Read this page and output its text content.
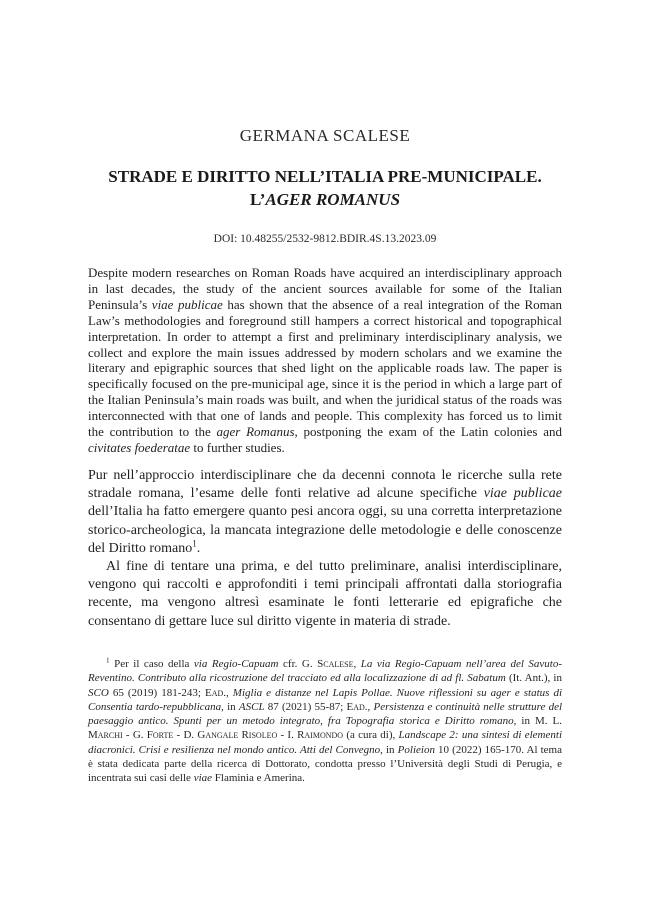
GERMANA SCALESE
STRADE E DIRITTO NELL’ITALIA PRE-MUNICIPALE.
L’AGER ROMANUS
DOI: 10.48255/2532-9812.BDIR.4S.13.2023.09
Despite modern researches on Roman Roads have acquired an interdisciplinary approach in last decades, the study of the ancient sources available for some of the Italian Peninsula’s viae publicae has shown that the absence of a real integration of the Roman Law’s methodologies and foreground still hampers a correct historical and topographical interpretation. In order to attempt a first and preliminary interdisciplinary analysis, we collect and explore the main issues addressed by modern scholars and we examine the literary and epigraphic sources that shed light on the applicable roads law. The paper is specifically focused on the pre-municipal age, since it is the period in which a large part of the Italian Peninsula’s main roads was built, and when the juridical status of the roads was interconnected with that one of lands and people. This complexity has forced us to limit the contribution to the ager Romanus, postponing the exam of the Latin colonies and civitates foederatae to further studies.

Pur nell’approccio interdisciplinare che da decenni connota le ricerche sulla rete stradale romana, l’esame delle fonti relative ad alcune specifiche viae publicae dell’Italia ha fatto emergere quanto pesi ancora oggi, su una corretta interpretazione storico-archeologica, la mancata integrazione delle metodologie e delle conoscenze del Diritto romano$^1$.

Al fine di tentare una prima, e del tutto preliminare, analisi interdisciplinare, vengono qui raccolti e approfonditi i temi principali affrontati dalla storiografia recente, ma vengono altresì esaminate le fonti letterarie ed epigrafiche che consentano di gettare luce sul diritto vigente in materia di strade.

$^1$ Per il caso della via Regio-Capuam cfr. G. Scalese, La via Regio-Capuam nell’area del Savuto-Reventino. Contributo alla ricostruzione del tracciato ed alla localizzazione di ad fl. Sabatum (It. Ant.), in SCO 65 (2019) 181-243; Ead., Miglia e distanze nel Lapis Pollae. Nuove riflessioni su ager e status di Consentia tardo-repubblicana, in ASCL 87 (2021) 55-87; Ead., Persistenza e continuità nelle strutture del paesaggio antico. Spunti per un metodo integrato, fra Topografia storica e Diritto romano, in M. L. Marchi - G. Forte - D. Gangale Risoleo - I. Raimondo (a cura di), Landscape 2: una sintesi di elementi diacronici. Crisi e resilienza nel mondo antico. Atti del Convegno, in Polieion 10 (2022) 165-170. Al tema è stata dedicata parte della ricerca di Dottorato, condotta presso l’Università degli Studi di Perugia, e incentrata sui casi delle viae Flaminia e Amerina.
